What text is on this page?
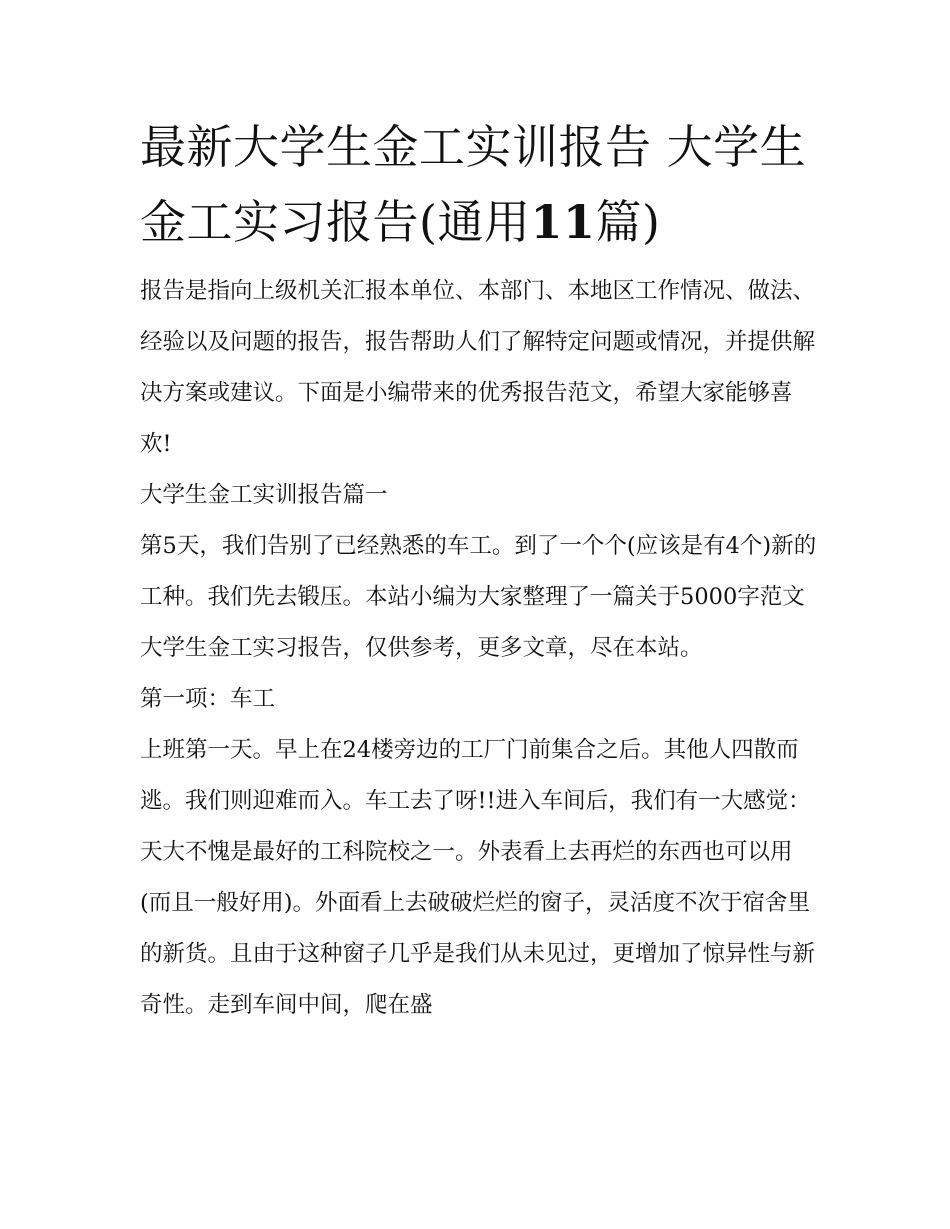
最新大学生金工实训报告 大学生金工实习报告(通用11篇)

报告是指向上级机关汇报本单位、本部门、本地区工作情况、做法、经验以及问题的报告，报告帮助人们了解特定问题或情况，并提供解决方案或建议。下面是小编带来的优秀报告范文，希望大家能够喜欢!

大学生金工实训报告篇一

第5天，我们告别了已经熟悉的车工。到了一个个(应该是有4个)新的工种。我们先去锻压。本站小编为大家整理了一篇关于5000字范文大学生金工实习报告，仅供参考，更多文章，尽在本站。

第一项：车工

上班第一天。早上在24楼旁边的工厂门前集合之后。其他人四散而逃。我们则迎难而入。车工去了呀!!进入车间后，我们有一大感觉：天大不愧是最好的工科院校之一。外表看上去再烂的东西也可以用(而且一般好用)。外面看上去破破烂烂的窗子，灵活度不次于宿舍里的新货。且由于这种窗子几乎是我们从未见过，更增加了惊异性与新奇性。走到车间中间，爬在盛
